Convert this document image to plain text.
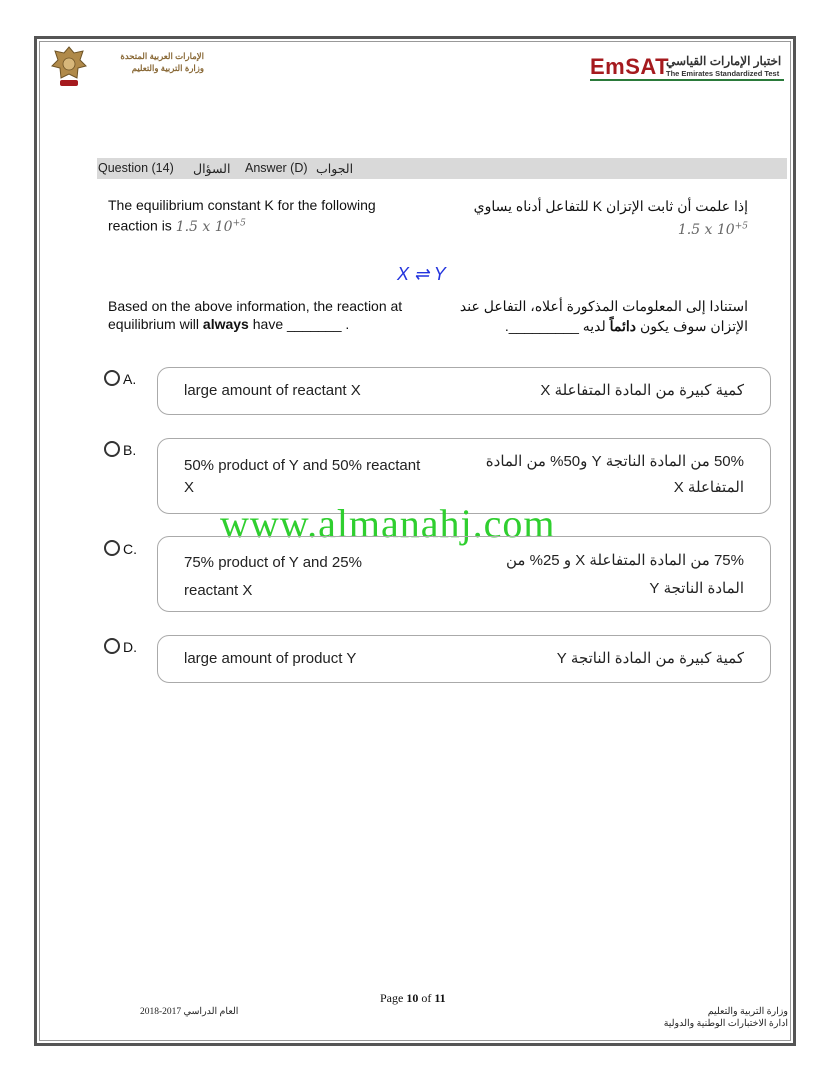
الإمارات العربية المتحدة
وزارة التربية والتعليم	EmSAT
اختبار الإمارات القياسي
The Emirates Standardized Test
Question (14) السؤال Answer (D) الجواب
The equilibrium constant K for the following
reaction is 1.5 x $10^{+5}$
إذا علمت أن ثابت الإتزان K للتفاعل أدناه يساوي
1.5 x $10^{+5}$
X ⇌ Y
Based on the above information, the reaction at
equilibrium will always have _______ .
استنادا إلى المعلومات المذكورة أعلاه، التفاعل عند
الإتزان سوف يكون دائماً لديه _________.
A.
large amount of reactant X	كمية كبيرة من المادة المتفاعلة X
B.
50% product of Y and 50% reactant
X
50% من المادة الناتجة Y و50% من المادة
المتفاعلة X
www.almanahj.com
C.
75% product of Y and 25%
reactant X
75% من المادة المتفاعلة X و 25% من
المادة الناتجة Y
D.
large amount of product Y	كمية كبيرة من المادة الناتجة Y
Page 10 of 11
العام الدراسي 2017-2018	وزارة التربية والتعليم
ادارة الاختبارات الوطنية والدولية
